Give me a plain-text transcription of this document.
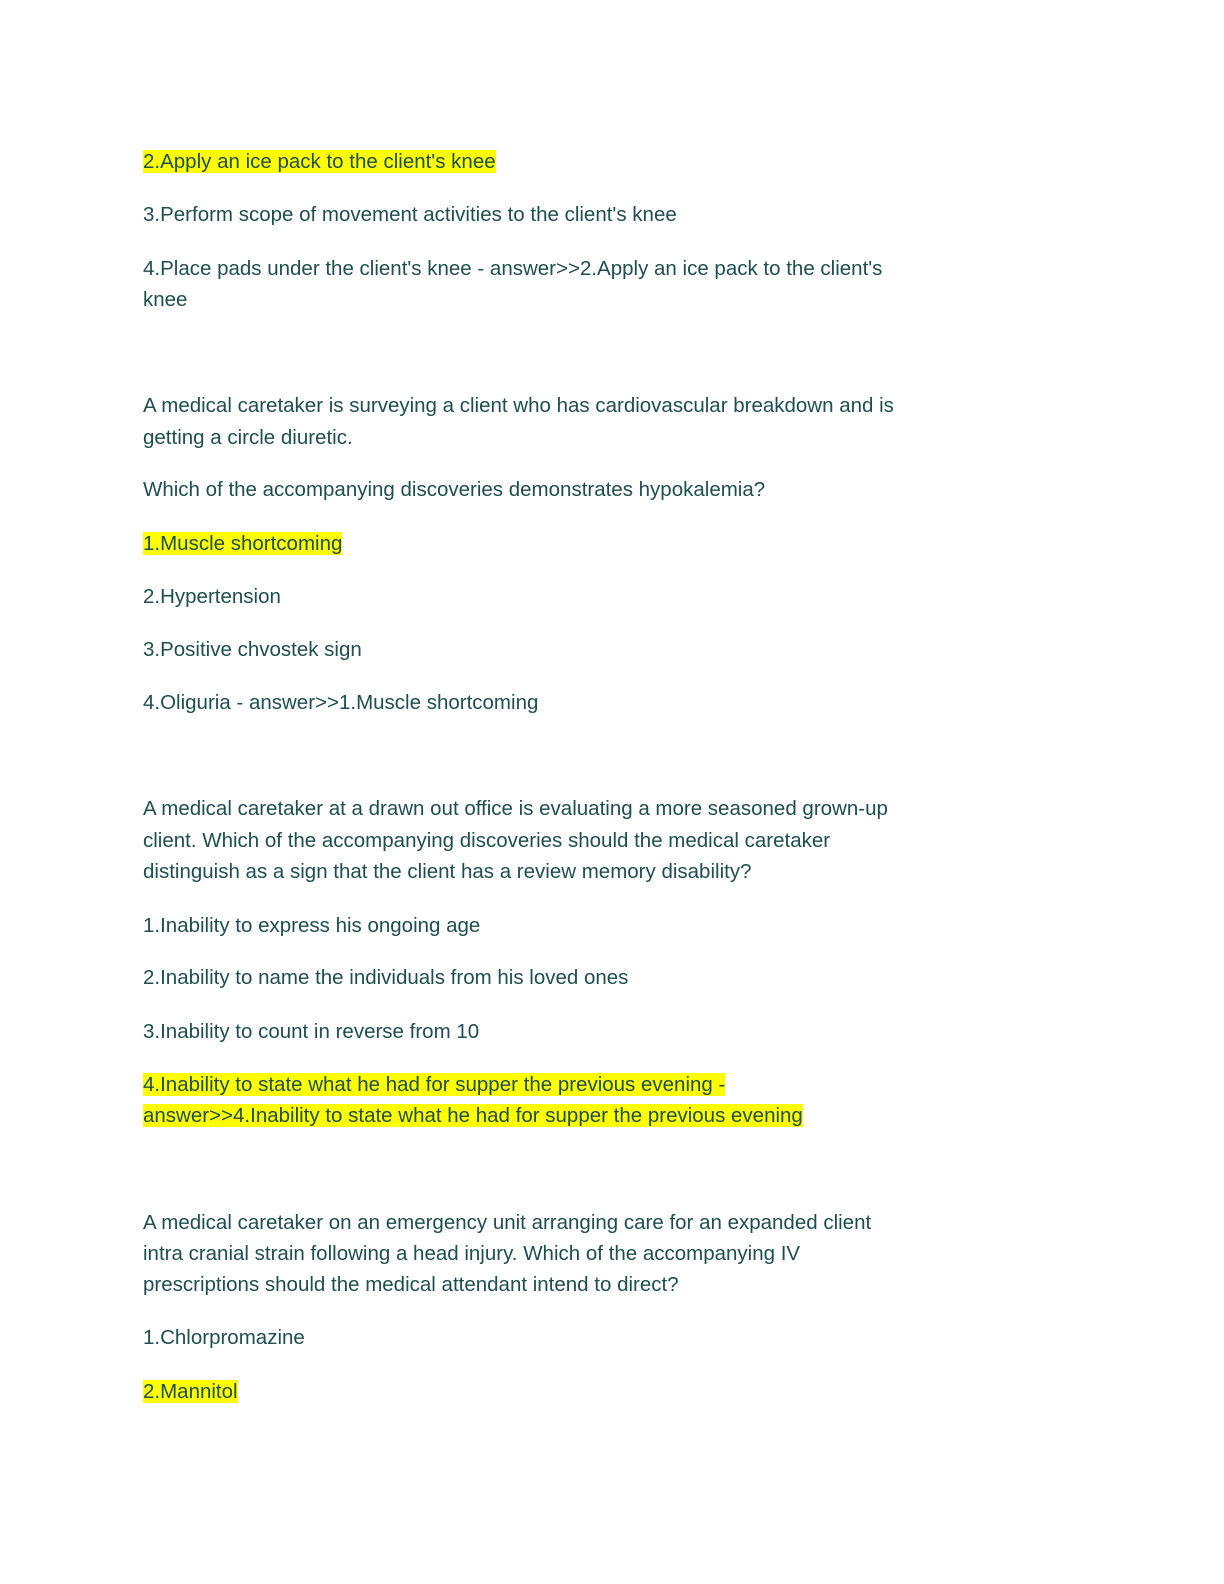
2.Apply an ice pack to the client's knee

3.Perform scope of movement activities to the client's knee

4.Place pads under the client's knee - answer>>2.Apply an ice pack to the client's

knee

A medical caretaker is surveying a client who has cardiovascular breakdown and is

getting a circle diuretic.

Which of the accompanying discoveries demonstrates hypokalemia?

1.Muscle shortcoming

2.Hypertension

3.Positive chvostek sign

4.Oliguria - answer>>1.Muscle shortcoming

A medical caretaker at a drawn out office is evaluating a more seasoned grown-up

client. Which of the accompanying discoveries should the medical caretaker

distinguish as a sign that the client has a review memory disability?

1.Inability to express his ongoing age

2.Inability to name the individuals from his loved ones

3.Inability to count in reverse from 10

4.Inability to state what he had for supper the previous evening -

answer>>4.Inability to state what he had for supper the previous evening

A medical caretaker on an emergency unit arranging care for an expanded client

intra cranial strain following a head injury. Which of the accompanying IV

prescriptions should the medical attendant intend to direct?

1.Chlorpromazine

2.Mannitol
